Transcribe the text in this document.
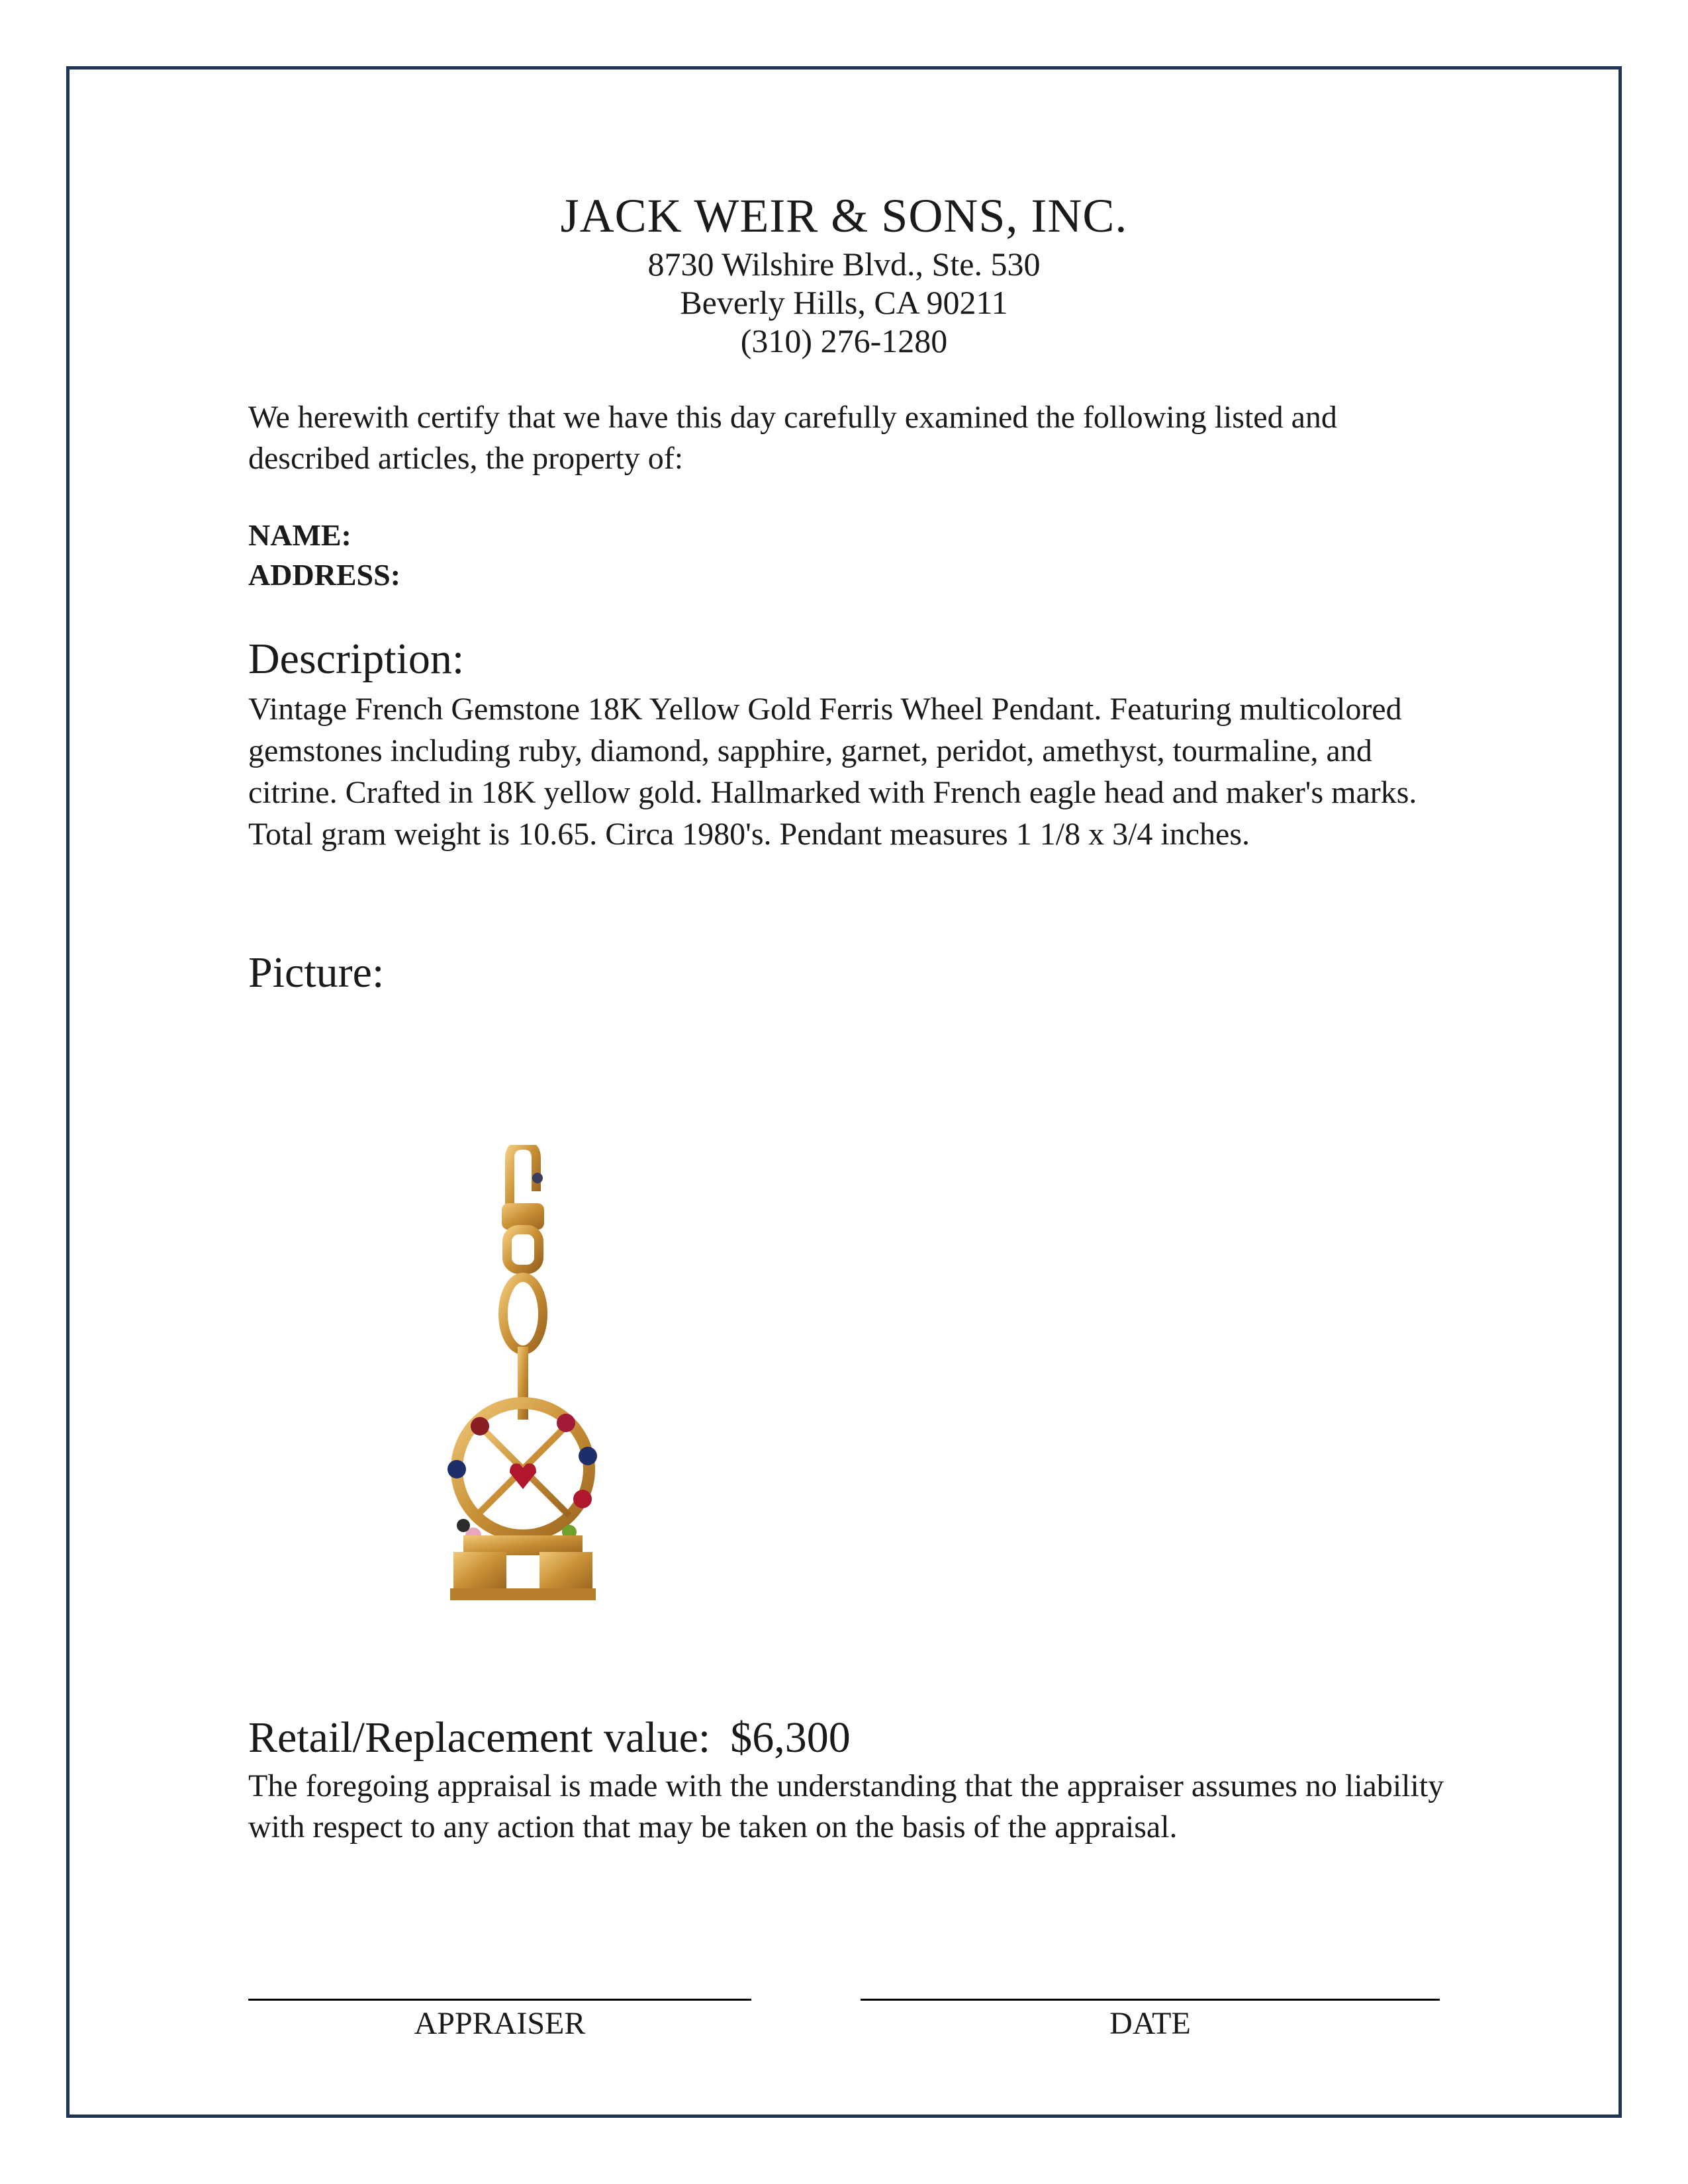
JACK WEIR & SONS, INC.
8730 Wilshire Blvd., Ste. 530
Beverly Hills, CA 90211
(310) 276-1280
We herewith certify that we have this day carefully examined the following listed and described articles, the property of:
NAME:
ADDRESS:
Description:
Vintage French Gemstone 18K Yellow Gold Ferris Wheel Pendant. Featuring multicolored gemstones including ruby, diamond, sapphire, garnet, peridot, amethyst, tourmaline, and citrine. Crafted in 18K yellow gold. Hallmarked with French eagle head and maker's marks. Total gram weight is 10.65. Circa 1980's. Pendant measures 1 1/8 x 3/4 inches.
Picture:
Retail/Replacement value: $6,300
The foregoing appraisal is made with the understanding that the appraiser assumes no liability with respect to any action that may be taken on the basis of the appraisal.
APPRAISER	DATE
